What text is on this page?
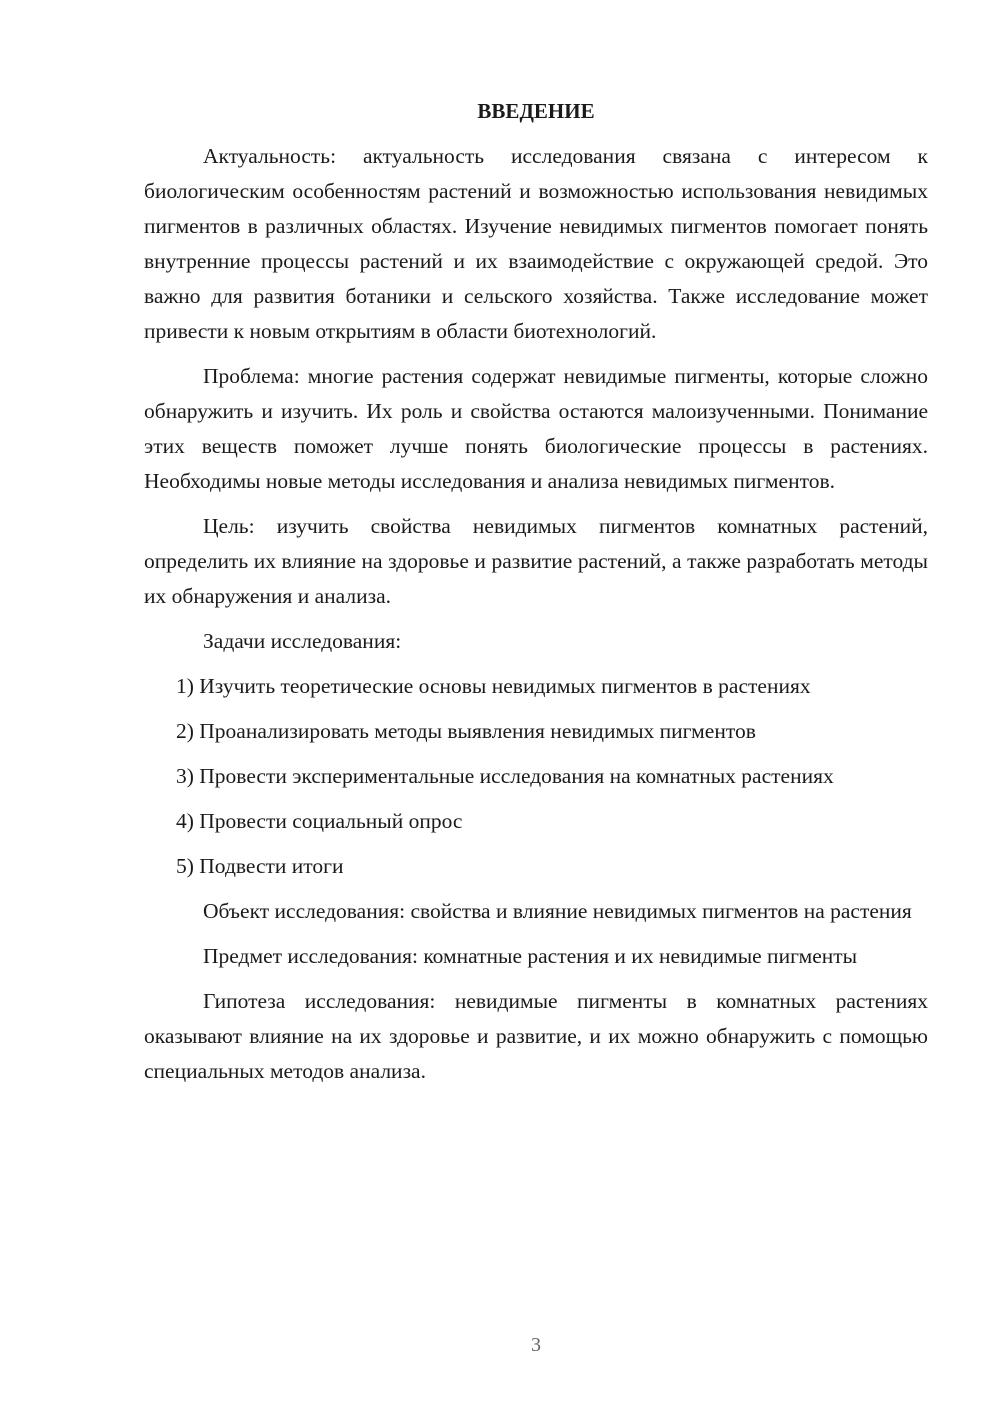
ВВЕДЕНИЕ

Актуальность: актуальность исследования связана с интересом к биологическим особенностям растений и возможностью использования невидимых пигментов в различных областях. Изучение невидимых пигментов помогает понять внутренние процессы растений и их взаимодействие с окружающей средой. Это важно для развития ботаники и сельского хозяйства. Также исследование может привести к новым открытиям в области биотехнологий.

Проблема: многие растения содержат невидимые пигменты, которые сложно обнаружить и изучить. Их роль и свойства остаются малоизученными. Понимание этих веществ поможет лучше понять биологические процессы в растениях. Необходимы новые методы исследования и анализа невидимых пигментов.

Цель: изучить свойства невидимых пигментов комнатных растений, определить их влияние на здоровье и развитие растений, а также разработать методы их обнаружения и анализа.

Задачи исследования:

1) Изучить теоретические основы невидимых пигментов в растениях

2) Проанализировать методы выявления невидимых пигментов

3) Провести экспериментальные исследования на комнатных растениях

4) Провести социальный опрос

5) Подвести итоги

Объект исследования: свойства и влияние невидимых пигментов на растения

Предмет исследования: комнатные растения и их невидимые пигменты

Гипотеза исследования: невидимые пигменты в комнатных растениях оказывают влияние на их здоровье и развитие, и их можно обнаружить с помощью специальных методов анализа.

3
